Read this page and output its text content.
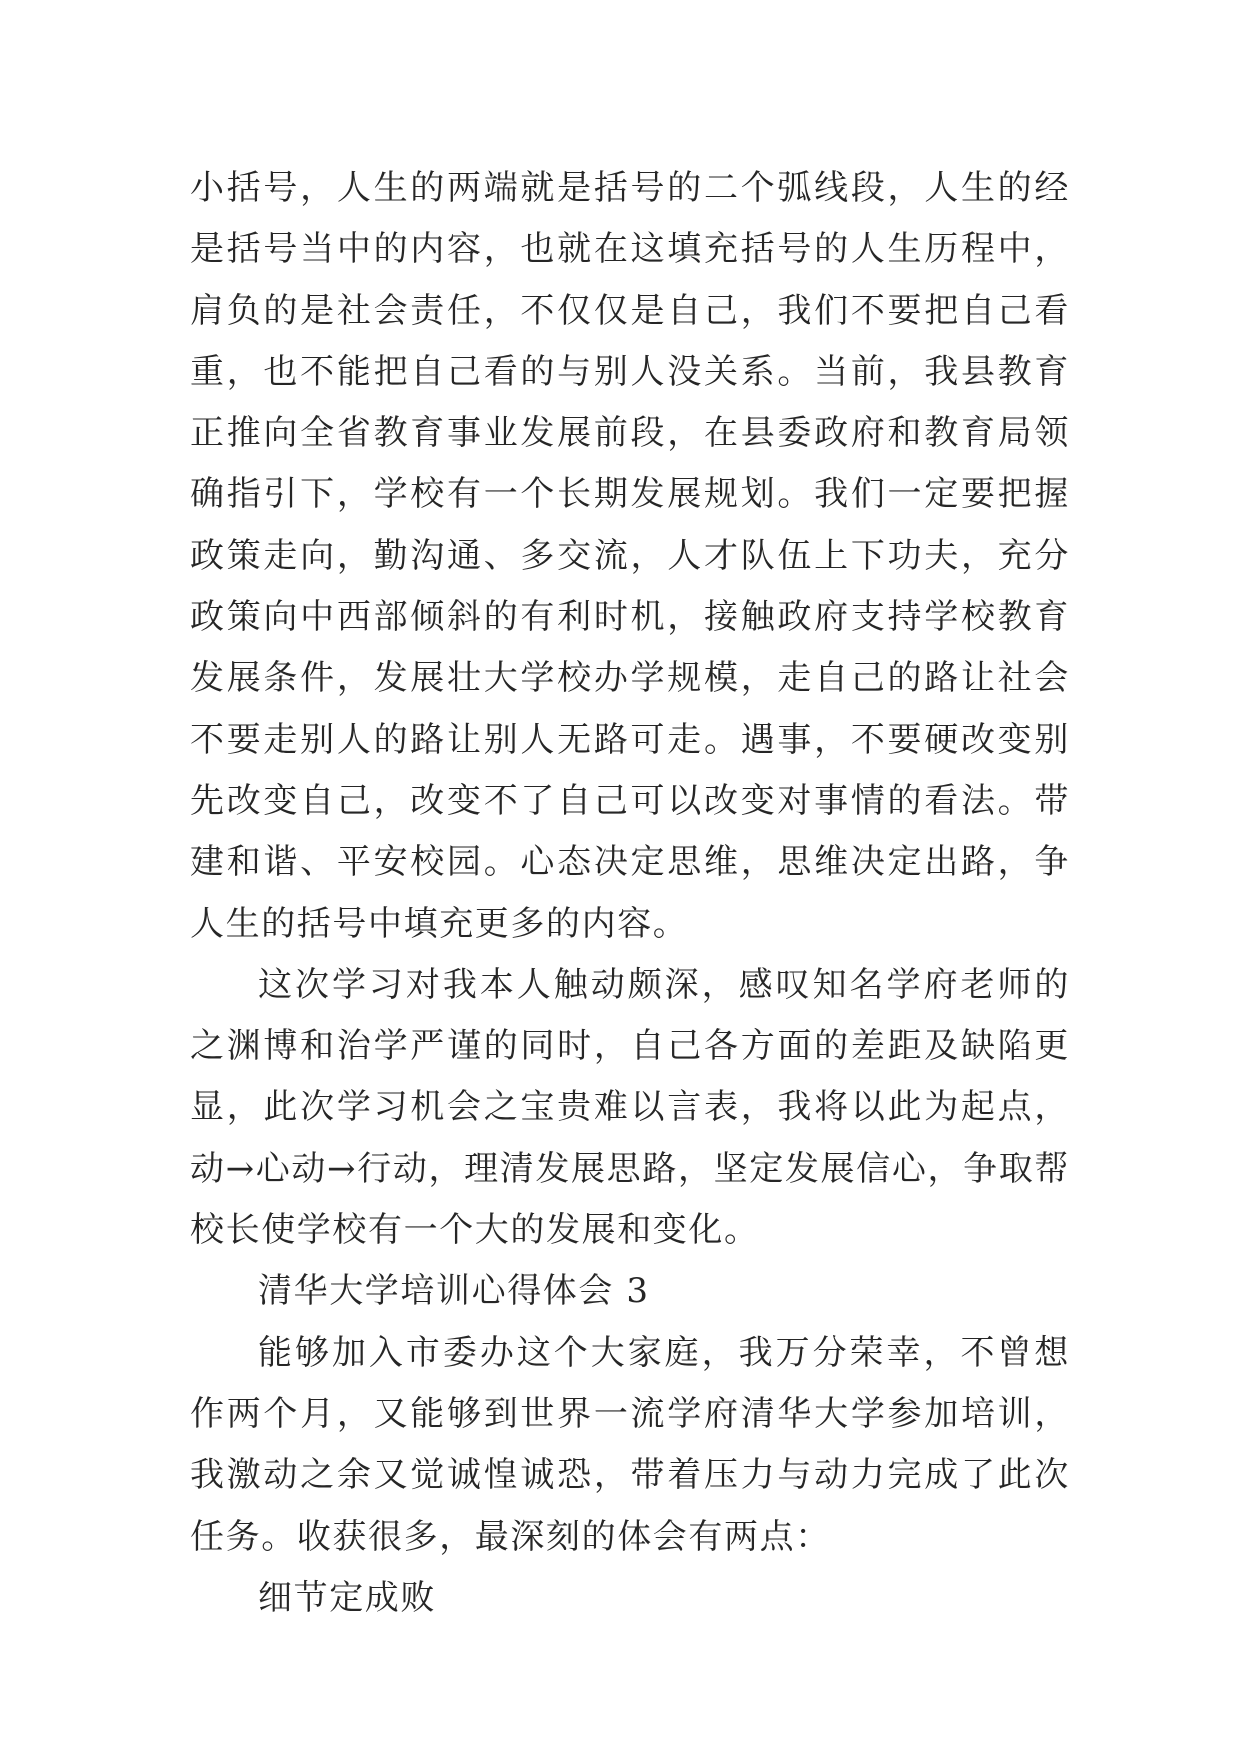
小括号，人生的两端就是括号的二个弧线段，人生的经
是括号当中的内容，也就在这填充括号的人生历程中，
肩负的是社会责任，不仅仅是自己，我们不要把自己看
重，也不能把自己看的与别人没关系。当前，我县教育
正推向全省教育事业发展前段，在县委政府和教育局领
确指引下，学校有一个长期发展规划。我们一定要把握
政策走向，勤沟通、多交流，人才队伍上下功夫，充分
政策向中西部倾斜的有利时机，接触政府支持学校教育
发展条件，发展壮大学校办学规模，走自己的路让社会
不要走别人的路让别人无路可走。遇事，不要硬改变别
先改变自己，改变不了自己可以改变对事情的看法。带
建和谐、平安校园。心态决定思维，思维决定出路，争
人生的括号中填充更多的内容。
这次学习对我本人触动颇深，感叹知名学府老师的
之渊博和治学严谨的同时，自己各方面的差距及缺陷更
显，此次学习机会之宝贵难以言表，我将以此为起点，
动→心动→行动，理清发展思路，坚定发展信心，争取帮
校长使学校有一个大的发展和变化。
清华大学培训心得体会 3
能够加入市委办这个大家庭，我万分荣幸，不曾想
作两个月，又能够到世界一流学府清华大学参加培训，
我激动之余又觉诚惶诚恐，带着压力与动力完成了此次
任务。收获很多，最深刻的体会有两点：
细节定成败
